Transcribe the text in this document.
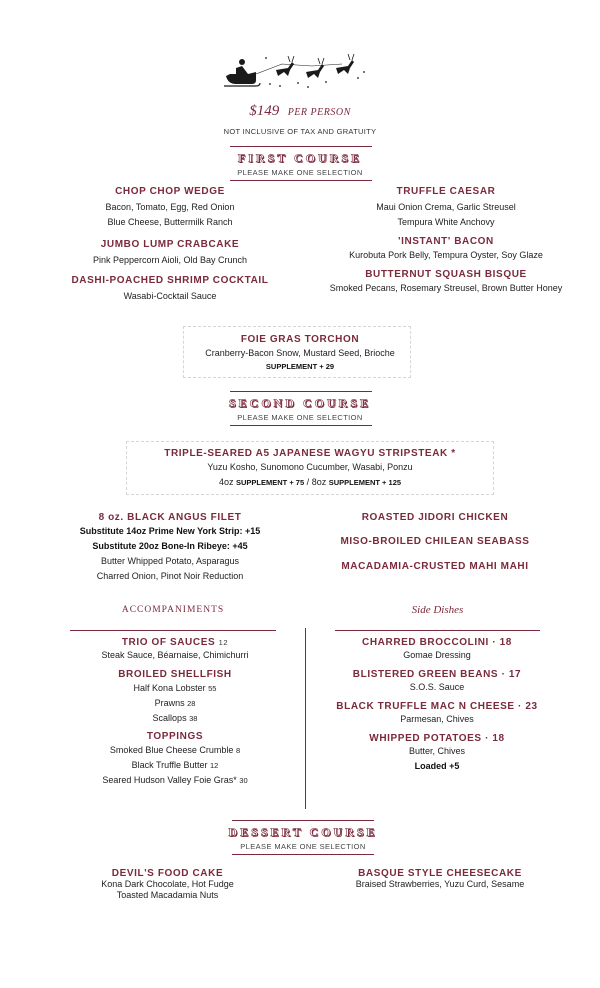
$149 PER PERSON
NOT INCLUSIVE OF TAX AND GRATUITY
FIRST COURSE
PLEASE MAKE ONE SELECTION
CHOP CHOP WEDGE
Bacon, Tomato, Egg, Red Onion
Blue Cheese, Buttermilk Ranch
JUMBO LUMP CRABCAKE
Pink Peppercorn Aioli, Old Bay Crunch
DASHI-POACHED SHRIMP COCKTAIL
Wasabi-Cocktail Sauce
TRUFFLE CAESAR
Maui Onion Crema, Garlic Streusel
Tempura White Anchovy
'INSTANT' BACON
Kurobuta Pork Belly, Tempura Oyster, Soy Glaze
BUTTERNUT SQUASH BISQUE
Smoked Pecans, Rosemary Streusel, Brown Butter Honey
FOIE GRAS TORCHON
Cranberry-Bacon Snow, Mustard Seed, Brioche
SUPPLEMENT + 29
SECOND COURSE
PLEASE MAKE ONE SELECTION
TRIPLE-SEARED A5 JAPANESE WAGYU STRIPSTEAK *
Yuzu Kosho, Sunomono Cucumber, Wasabi, Ponzu
4oz SUPPLEMENT + 75 / 8oz SUPPLEMENT + 125
8 oz. BLACK ANGUS FILET
Substitute 14oz Prime New York Strip: +15
Substitute 20oz Bone-In Ribeye: +45
Butter Whipped Potato, Asparagus
Charred Onion, Pinot Noir Reduction
ROASTED JIDORI CHICKEN
MISO-BROILED CHILEAN SEABASS
MACADAMIA-CRUSTED MAHI MAHI
ACCOMPANIMENTS	Side Dishes
TRIO OF SAUCES 12
Steak Sauce, Béarnaise, Chimichurri
BROILED SHELLFISH
Half Kona Lobster 55
Prawns 28
Scallops 38
TOPPINGS
Smoked Blue Cheese Crumble 8
Black Truffle Butter 12
Seared Hudson Valley Foie Gras* 30
CHARRED BROCCOLINI · 18
Gomae Dressing
BLISTERED GREEN BEANS · 17
S.O.S. Sauce
BLACK TRUFFLE MAC N CHEESE · 23
Parmesan, Chives
WHIPPED POTATOES · 18
Butter, Chives
Loaded +5
DESSERT COURSE
PLEASE MAKE ONE SELECTION
DEVIL'S FOOD CAKE
Kona Dark Chocolate, Hot Fudge
Toasted Macadamia Nuts
BASQUE STYLE CHEESECAKE
Braised Strawberries, Yuzu Curd, Sesame
